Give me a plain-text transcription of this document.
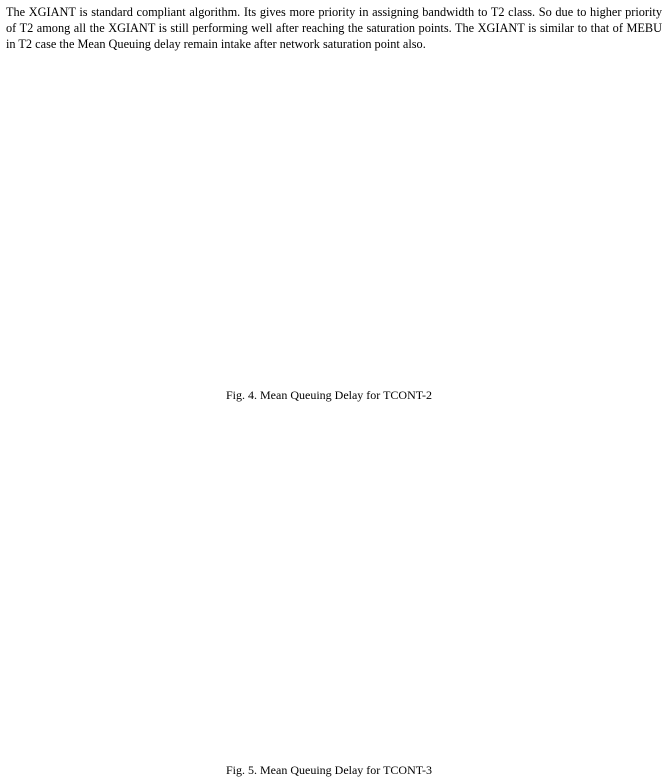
The XGIANT is standard compliant algorithm. Its gives more priority in assigning bandwidth to T2 class. So due to higher priority of T2 among all the XGIANT is still performing well after reaching the saturation points. The XGIANT is similar to that of MEBU in T2 case the Mean Queuing delay remain intake after network saturation point also.

Fig. 4. Mean Queuing Delay for TCONT-2
Fig. 5. Mean Queuing Delay for TCONT-3
